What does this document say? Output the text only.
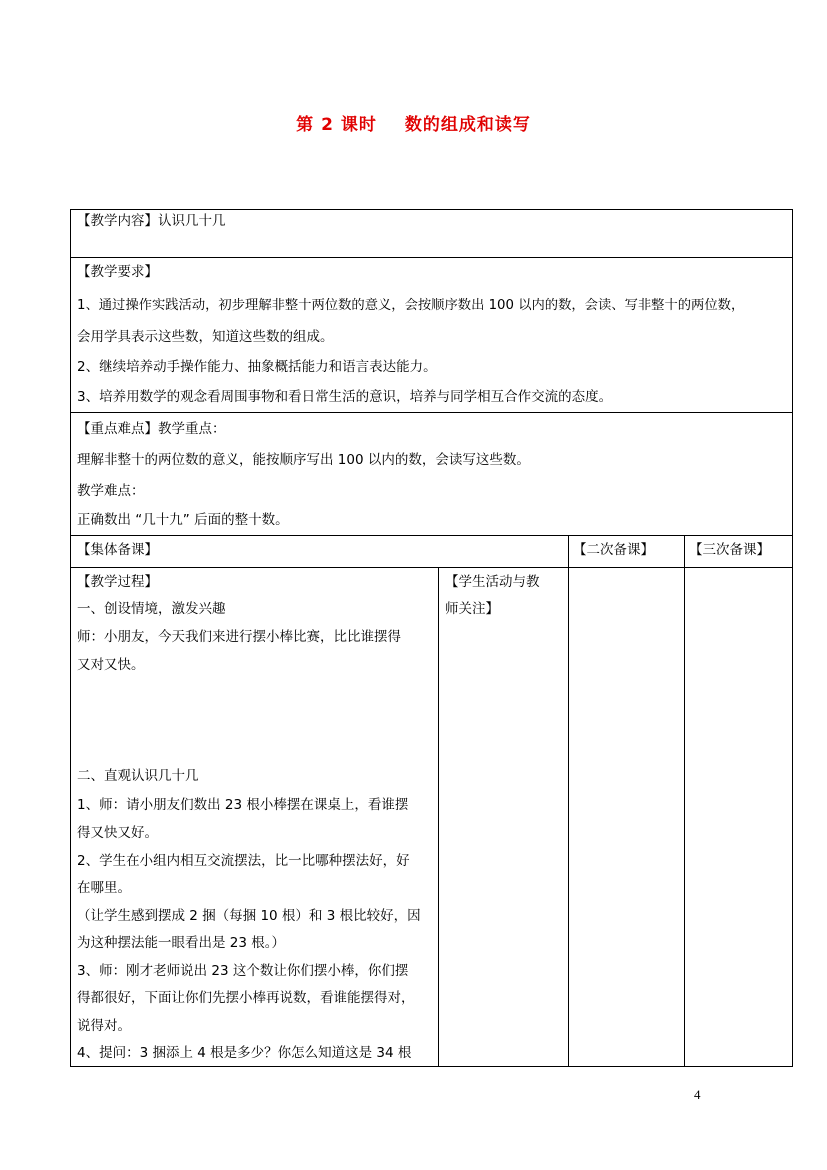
第 2 课时 数的组成和读写
【教学内容】认识几十几
【教学要求】
1、通过操作实践活动，初步理解非整十两位数的意义，会按顺序数出 100 以内的数，会读、写非整十的两位数，
会用学具表示这些数，知道这些数的组成。
2、继续培养动手操作能力、抽象概括能力和语言表达能力。
3、培养用数学的观念看周围事物和看日常生活的意识，培养与同学相互合作交流的态度。
【重点难点】教学重点：
理解非整十的两位数的意义，能按顺序写出 100 以内的数，会读写这些数。
教学难点：
正确数出 “几十九” 后面的整十数。
【集体备课】	【二次备课】	【三次备课】
【教学过程】
一、创设情境，激发兴趣
师：小朋友，今天我们来进行摆小棒比赛，比比谁摆得
又对又快。
二、直观认识几十几
1、师：请小朋友们数出 23 根小棒摆在课桌上，看谁摆
得又快又好。
2、学生在小组内相互交流摆法，比一比哪种摆法好，好
在哪里。
（让学生感到摆成 2 捆（每捆 10 根）和 3 根比较好，因
为这种摆法能一眼看出是 23 根。）
3、师：刚才老师说出 23 这个数让你们摆小棒，你们摆
得都很好，下面让你们先摆小棒再说数，看谁能摆得对，
说得对。
4、提问：3 捆添上 4 根是多少？你怎么知道这是 34 根
【学生活动与教
师关注】
4
